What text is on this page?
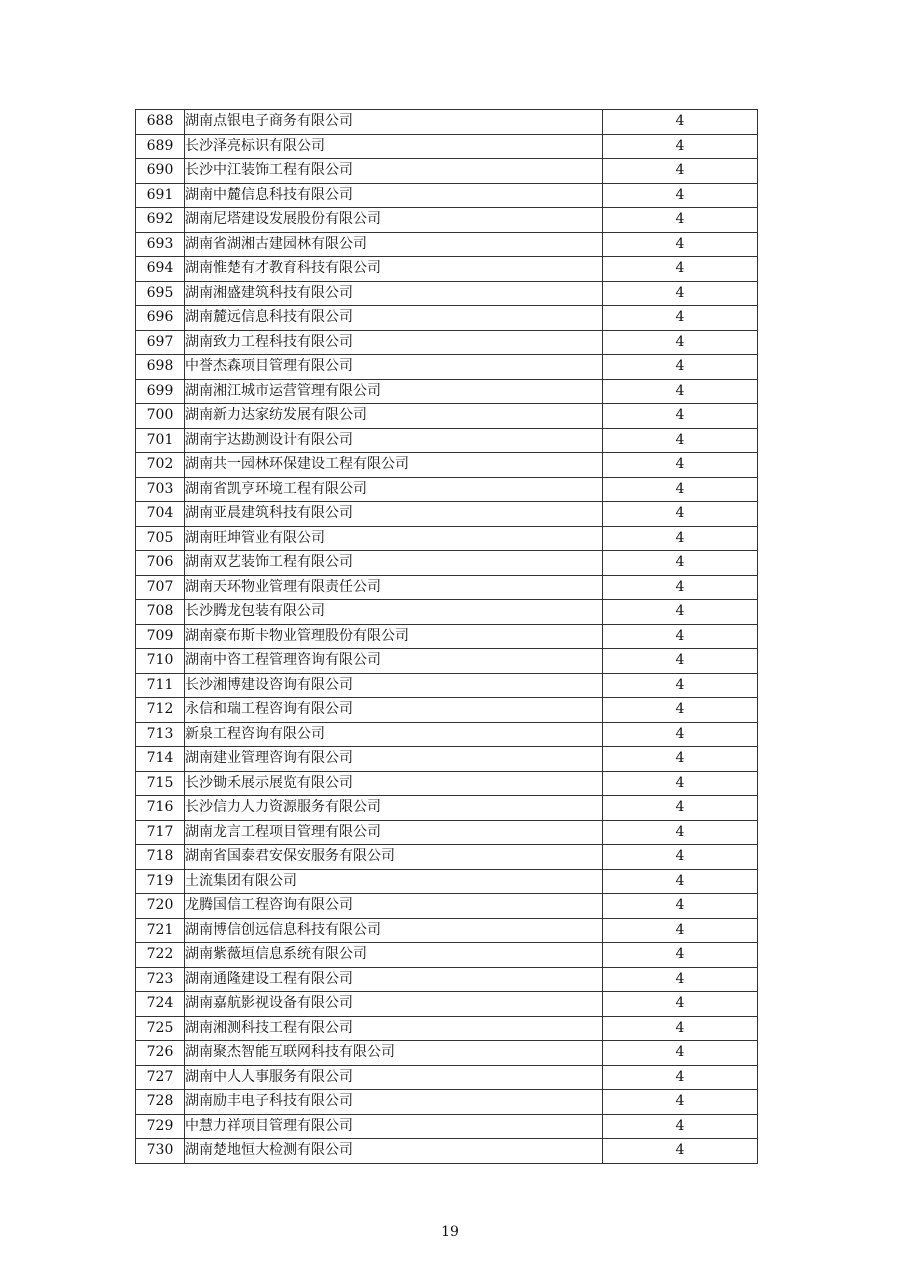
688	湖南点银电子商务有限公司	4
689	长沙泽亮标识有限公司	4
690	长沙中江装饰工程有限公司	4
691	湖南中麓信息科技有限公司	4
692	湖南尼塔建设发展股份有限公司	4
693	湖南省湖湘古建园林有限公司	4
694	湖南惟楚有才教育科技有限公司	4
695	湖南湘盛建筑科技有限公司	4
696	湖南麓远信息科技有限公司	4
697	湖南致力工程科技有限公司	4
698	中誉杰森项目管理有限公司	4
699	湖南湘江城市运营管理有限公司	4
700	湖南新力达家纺发展有限公司	4
701	湖南宇达勘测设计有限公司	4
702	湖南共一园林环保建设工程有限公司	4
703	湖南省凯亨环境工程有限公司	4
704	湖南亚晨建筑科技有限公司	4
705	湖南旺坤管业有限公司	4
706	湖南双艺装饰工程有限公司	4
707	湖南天环物业管理有限责任公司	4
708	长沙腾龙包装有限公司	4
709	湖南豪布斯卡物业管理股份有限公司	4
710	湖南中咨工程管理咨询有限公司	4
711	长沙湘博建设咨询有限公司	4
712	永信和瑞工程咨询有限公司	4
713	新泉工程咨询有限公司	4
714	湖南建业管理咨询有限公司	4
715	长沙锄禾展示展览有限公司	4
716	长沙信力人力资源服务有限公司	4
717	湖南龙言工程项目管理有限公司	4
718	湖南省国泰君安保安服务有限公司	4
719	土流集团有限公司	4
720	龙腾国信工程咨询有限公司	4
721	湖南博信创远信息科技有限公司	4
722	湖南紫薇垣信息系统有限公司	4
723	湖南通隆建设工程有限公司	4
724	湖南嘉航影视设备有限公司	4
725	湖南湘测科技工程有限公司	4
726	湖南聚杰智能互联网科技有限公司	4
727	湖南中人人事服务有限公司	4
728	湖南励丰电子科技有限公司	4
729	中慧力祥项目管理有限公司	4
730	湖南楚地恒大检测有限公司	4
19
